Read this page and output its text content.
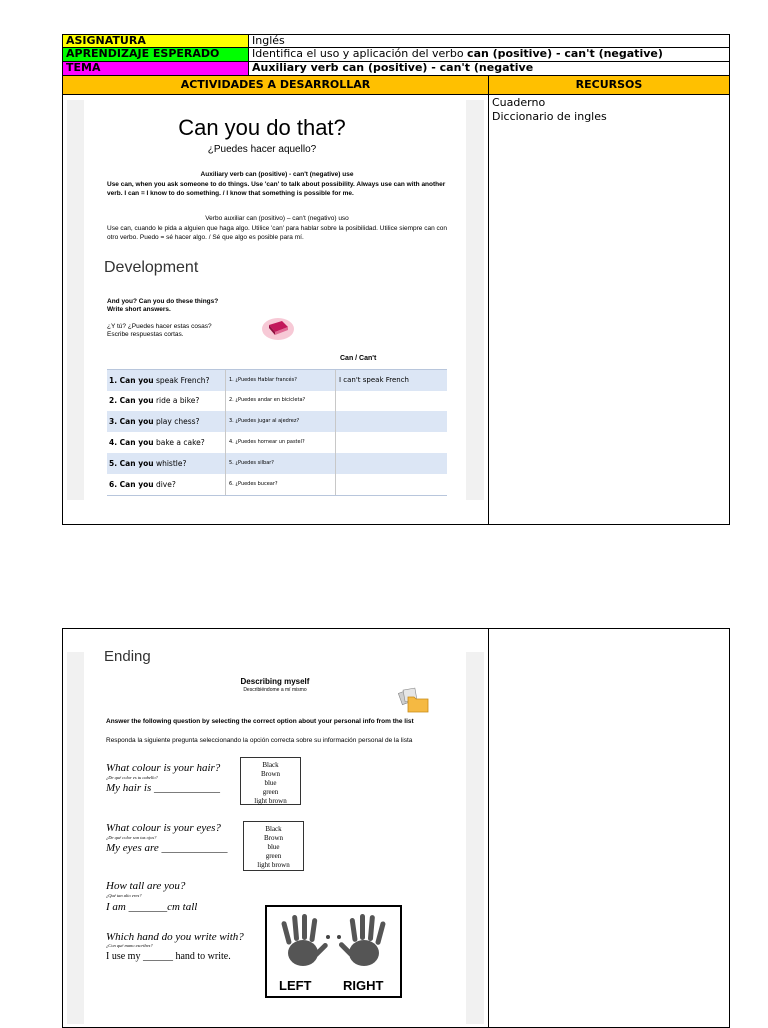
ASIGNATURA	Inglés
APRENDIZAJE ESPERADO	Identifica el uso y aplicación del verbo can (positive) - can't (negative)
TEMA	Auxiliary verb can (positive) - can't (negative
ACTIVIDADES A DESARROLLAR	RECURSOS
Cuaderno
Diccionario de ingles
Can you do that?
¿Puedes hacer aquello?
Auxiliary verb can (positive) - can't (negative) use
Use can, when you ask someone to do things. Use 'can' to talk about possibility. Always use can with another verb. I can = I know to do something. / I know that something is possible for me.
Verbo auxiliar can (positivo) – can't (negativo) uso
Use can, cuando le pida a alguien que haga algo. Utilice 'can' para hablar sobre la posibilidad. Utilice siempre can con otro verbo. Puedo = sé hacer algo. / Sé que algo es posible para mí.
Development
And you? Can you do these things?
Write short answers.
¿Y tú? ¿Puedes hacer estas cosas?
Escribe respuestas cortas.
Can / Can't
1. Can you speak French?	1. ¿Puedes Hablar francés?	I can't speak French
2. Can you ride a bike?	2. ¿Puedes andar en bicicleta?
3. Can you play chess?	3. ¿Puedes jugar al ajedrez?
4. Can you bake a cake?	4. ¿Puedes hornear un pastel?
5. Can you whistle?	5. ¿Puedes silbar?
6. Can you dive?	6. ¿Puedes bucear?
Ending
Describing myself
Describiéndome a mí mismo
Answer the following question by selecting the correct option about your personal info from the list
Responda la siguiente pregunta seleccionando la opción correcta sobre su información personal de la lista
What colour is your hair?
¿De qué color es tu cabello?
My hair is ____________
Black
Brown
blue
green
light brown
What colour is your eyes?
¿De qué color son tus ojos?
My eyes are ____________
Black
Brown
blue
green
light brown
How tall are you?
¿Qué tan alto eres?
I am _______cm tall
Which hand do you write with?
¿Con qué mano escribes?
I use my ______ hand to write.
LEFT RIGHT
